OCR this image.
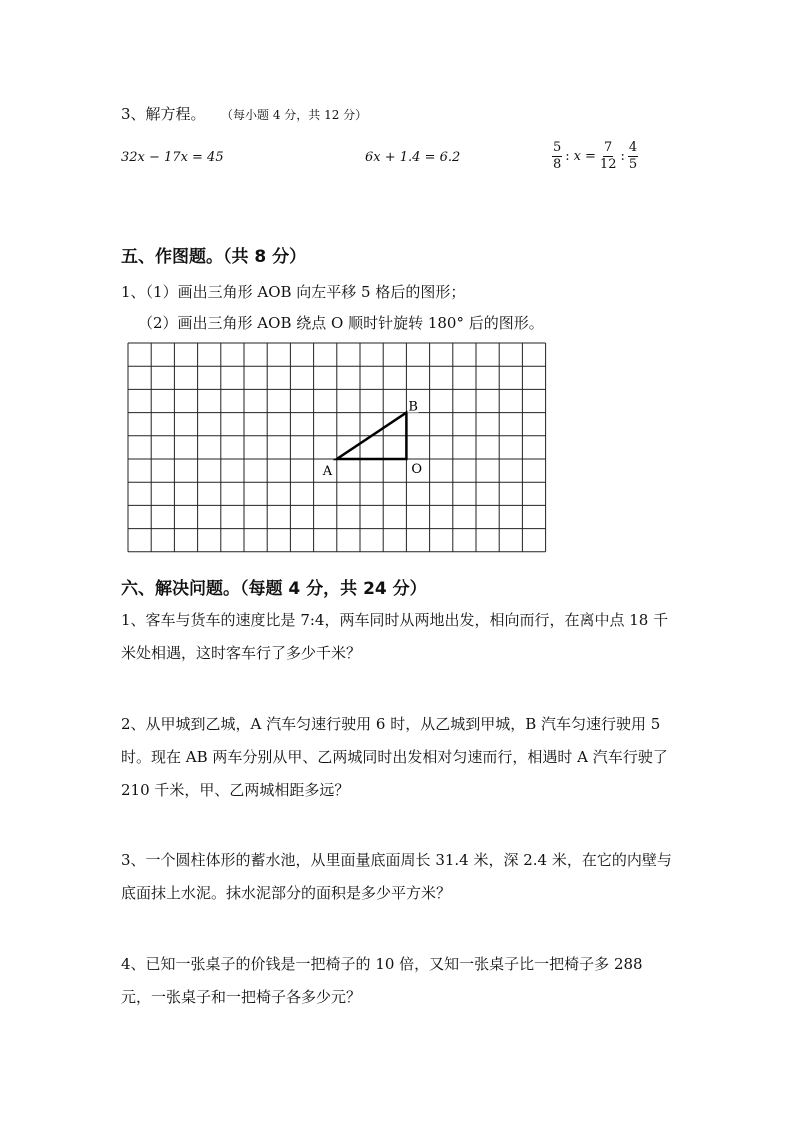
3、解方程。 （每小题 4 分，共 12 分）
32x − 17x = 45	6x + 1.4 = 6.2	$\frac{5}{8}$ : $x = \frac{7}{12}$ : $\frac{4}{5}$
五、作图题。（共 8 分）
1、（1）画出三角形 AOB 向左平移 5 格后的图形；
（2）画出三角形 AOB 绕点 O 顺时针旋转 180° 后的图形。
A	O
B
六、解决问题。（每题 4 分，共 24 分）
1、客车与货车的速度比是 7:4，两车同时从两地出发，相向而行，在离中点 18 千米处相遇，这时客车行了多少千米？
2、从甲城到乙城，A 汽车匀速行驶用 6 时，从乙城到甲城，B 汽车匀速行驶用 5 时。现在 AB 两车分别从甲、乙两城同时出发相对匀速而行，相遇时 A 汽车行驶了 210 千米，甲、乙两城相距多远？
3、一个圆柱体形的蓄水池，从里面量底面周长 31.4 米，深 2.4 米，在它的内壁与底面抹上水泥。抹水泥部分的面积是多少平方米？
4、已知一张桌子的价钱是一把椅子的 10 倍，又知一张桌子比一把椅子多 288 元，一张桌子和一把椅子各多少元？
